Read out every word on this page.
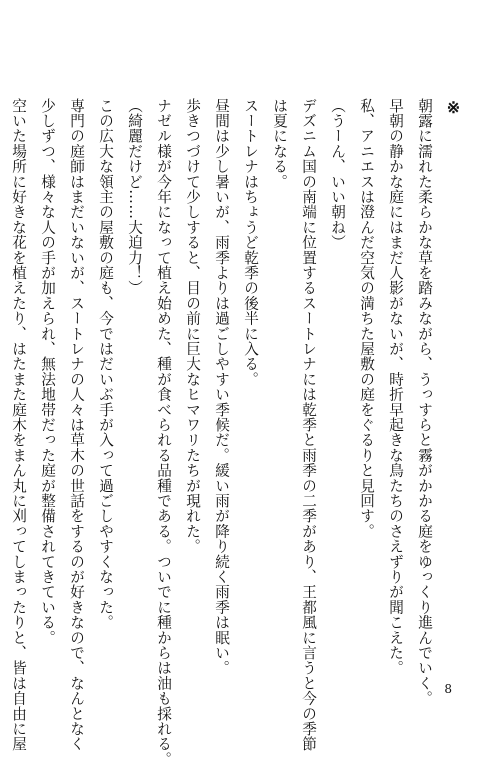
※
朝露に濡れた柔らかな草を踏みながら、うっすらと霧がかかる庭をゆっくり進んでいく。
早朝の静かな庭にはまだ人影がないが、時折早起きな鳥たちのさえずりが聞こえた。
私、アニエスは澄んだ空気の満ちた屋敷の庭をぐるりと見回す。
（うーん、いい朝ね）
デズニム国の南端に位置するスートレナには乾季と雨季の二季があり、王都風に言うと今の季節
は夏になる。
スートレナはちょうど乾季の後半に入る。
昼間は少し暑いが、雨季よりは過ごしやすい季候だ。緩い雨が降り続く雨季は眠い。
歩きつづけて少しすると、目の前に巨大なヒマワリたちが現れた。
ナゼル様が今年になって植え始めた、種が食べられる品種である。ついでに種からは油も採れる。
（綺麗だけど……大迫力！）
この広大な領主の屋敷の庭も、今ではだいぶ手が入って過ごしやすくなった。
専門の庭師はまだいないが、スートレナの人々は草木の世話をするのが好きなので、なんとなく
少しずつ、様々な人の手が加えられ、無法地帯だった庭が整備されてきている。
空いた場所に好きな花を植えたり、はたまた庭木をまん丸に刈ってしまったりと、皆は自由に屋	8
